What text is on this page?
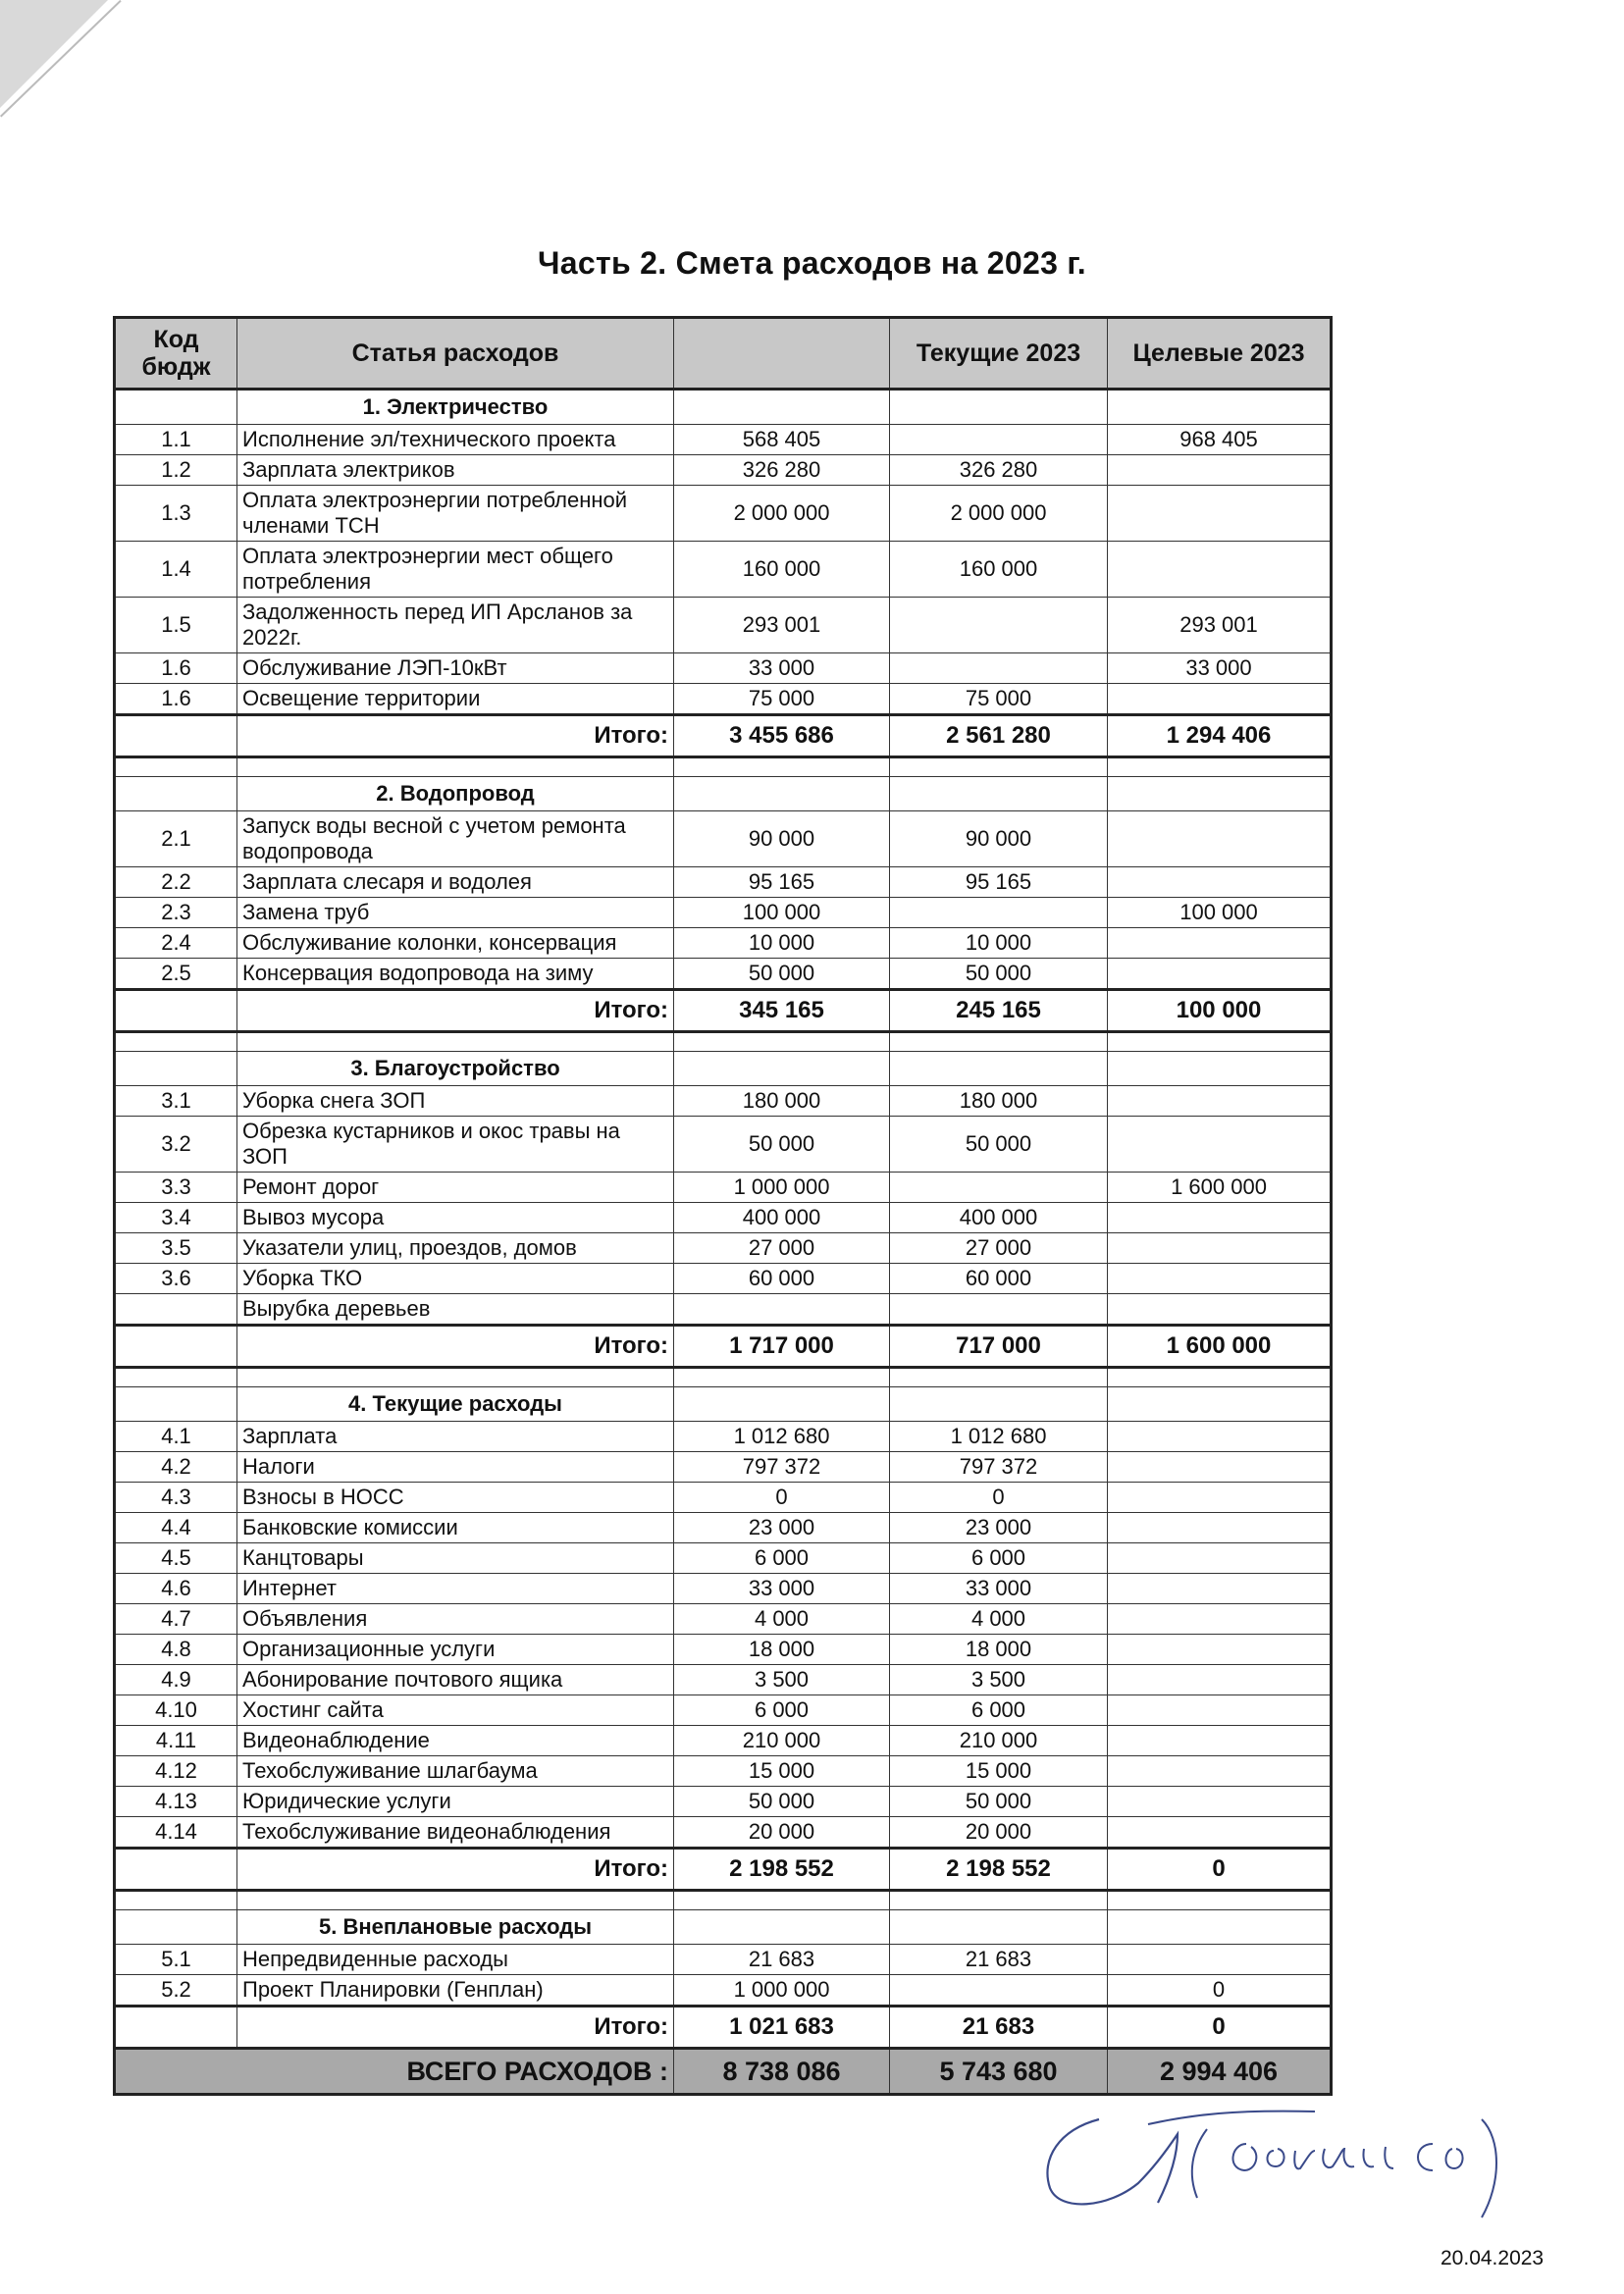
Часть 2. Смета расходов на 2023 г.
Код бюдж	Статья расходов		Текущие 2023	Целевые 2023
	1. Электричество			
1.1	Исполнение эл/технического проекта	568 405		968 405
1.2	Зарплата электриков	326 280	326 280	
1.3	Оплата электроэнергии потребленной членами ТСН	2 000 000	2 000 000	
1.4	Оплата электроэнергии мест общего потребления	160 000	160 000	
1.5	Задолженность перед ИП Арсланов за 2022г.	293 001		293 001
1.6	Обслуживание ЛЭП-10кВт	33 000		33 000
1.6	Освещение территории	75 000	75 000	
	Итого:	3 455 686	2 561 280	1 294 406

	2. Водопровод			
2.1	Запуск воды весной с учетом ремонта водопровода	90 000	90 000	
2.2	Зарплата слесаря и водолея	95 165	95 165	
2.3	Замена труб	100 000		100 000
2.4	Обслуживание колонки, консервация	10 000	10 000	
2.5	Консервация водопровода на зиму	50 000	50 000	
	Итого:	345 165	245 165	100 000

	3. Благоустройство			
3.1	Уборка снега ЗОП	180 000	180 000	
3.2	Обрезка кустарников и окос травы на ЗОП	50 000	50 000	
3.3	Ремонт дорог	1 000 000		1 600 000
3.4	Вывоз мусора	400 000	400 000	
3.5	Указатели улиц, проездов, домов	27 000	27 000	
3.6	Уборка ТКО	60 000	60 000	
	Вырубка деревьев			
	Итого:	1 717 000	717 000	1 600 000

	4. Текущие расходы			
4.1	Зарплата	1 012 680	1 012 680	
4.2	Налоги	797 372	797 372	
4.3	Взносы в НОСС	0	0	
4.4	Банковские комиссии	23 000	23 000	
4.5	Канцтовары	6 000	6 000	
4.6	Интернет	33 000	33 000	
4.7	Объявления	4 000	4 000	
4.8	Организационные услуги	18 000	18 000	
4.9	Абонирование почтового ящика	3 500	3 500	
4.10	Хостинг сайта	6 000	6 000	
4.11	Видеонаблюдение	210 000	210 000	
4.12	Техобслуживание шлагбаума	15 000	15 000	
4.13	Юридические услуги	50 000	50 000	
4.14	Техобслуживание видеонаблюдения	20 000	20 000	
	Итого:	2 198 552	2 198 552	0

	5. Внеплановые расходы			
5.1	Непредвиденные расходы	21 683	21 683	
5.2	Проект Планировки (Генплан)	1 000 000		0
	Итого:	1 021 683	21 683	0
ВСЕГО РАСХОДОВ :		8 738 086	5 743 680	2 994 406
20.04.2023
